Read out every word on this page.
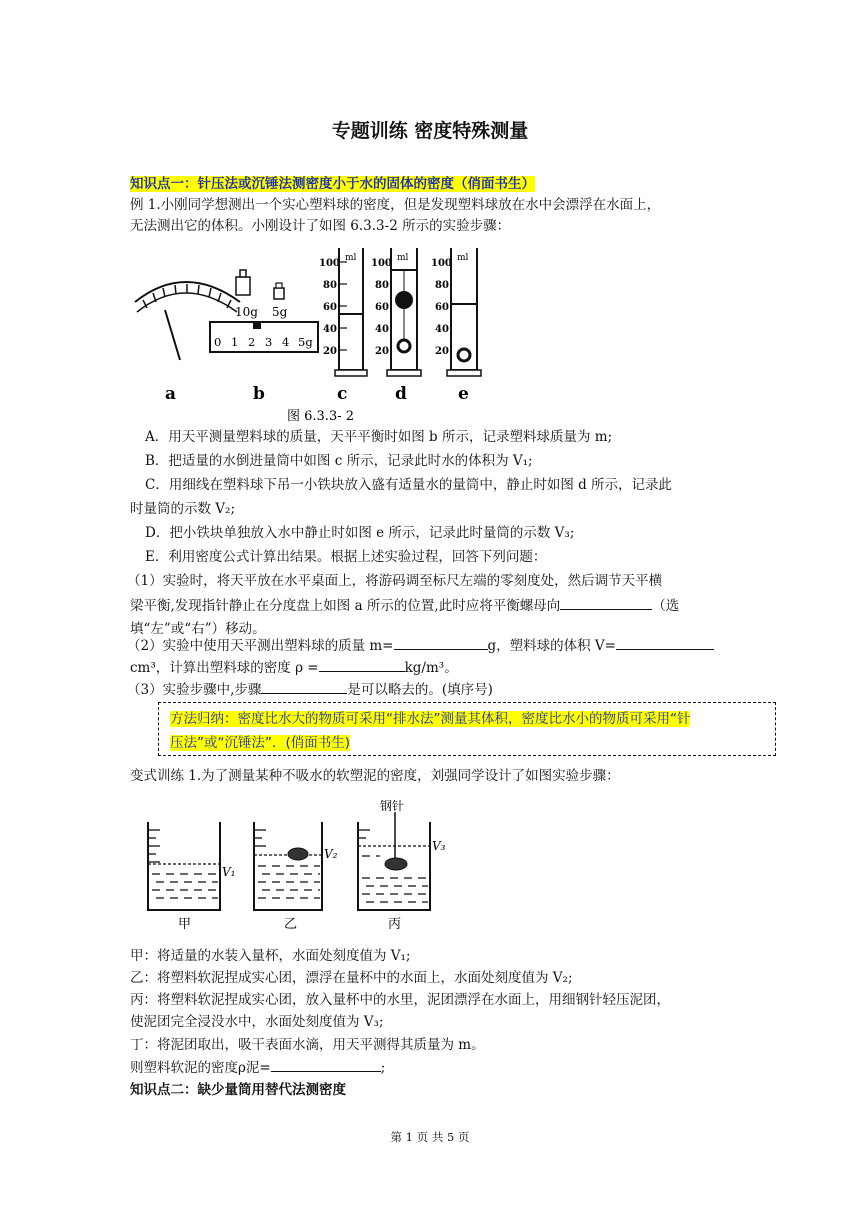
专题训练 密度特殊测量
知识点一：针压法或沉锤法测密度小于水的固体的密度（俏面书生）
例 1.小刚同学想测出一个实心塑料球的密度，但是发现塑料球放在水中会漂浮在水面上，
无法测出它的体积。小刚设计了如图 6.3.3-2 所示的实验步骤：
a
10g 5g
0 1 2 3 4 5g
b
100
80
60
40
20
ml
c
100
80
60
40
20
ml
d
100
80
60
40
20
ml
e
图 6.3.3- 2
A．用天平测量塑料球的质量，天平平衡时如图 b 所示，记录塑料球质量为 m;
B．把适量的水倒进量筒中如图 c 所示，记录此时水的体积为 V₁;
C．用细线在塑料球下吊一小铁块放入盛有适量水的量筒中，静止时如图 d 所示，记录此
时量筒的示数 V₂;
D．把小铁块单独放入水中静止时如图 e 所示，记录此时量筒的示数 V₃;
E．利用密度公式计算出结果。根据上述实验过程，回答下列问题：
（1）实验时，将天平放在水平桌面上，将游码调至标尺左端的零刻度处，然后调节天平横
梁平衡,发现指针静止在分度盘上如图 a 所示的位置,此时应将平衡螺母向	（选
填“左”或“右”）移动。
（2）实验中使用天平测出塑料球的质量 m=	g，塑料球的体积 V=
cm³，计算出塑料球的密度 ρ =	kg/m³。
（3）实验步骤中,步骤	是可以略去的。(填序号)
方法归纳：密度比水大的物质可采用“排水法”测量其体积，密度比水小的物质可采用“针
压法”或“沉锤法”．(俏面书生)
变式训练 1.为了测量某种不吸水的软塑泥的密度，刘强同学设计了如图实验步骤：
V₁
甲
V₂
乙
V₃
钢针
丙
甲：将适量的水装入量杯，水面处刻度值为 V₁;
乙：将塑料软泥捏成实心团，漂浮在量杯中的水面上，水面处刻度值为 V₂;
丙：将塑料软泥捏成实心团，放入量杯中的水里，泥团漂浮在水面上，用细钢针轻压泥团，
使泥团完全浸没水中，水面处刻度值为 V₃;
丁：将泥团取出，吸干表面水滴，用天平测得其质量为 m。
则塑料软泥的密度ρ泥=	;
知识点二：缺少量筒用替代法测密度
第 1 页 共 5 页
